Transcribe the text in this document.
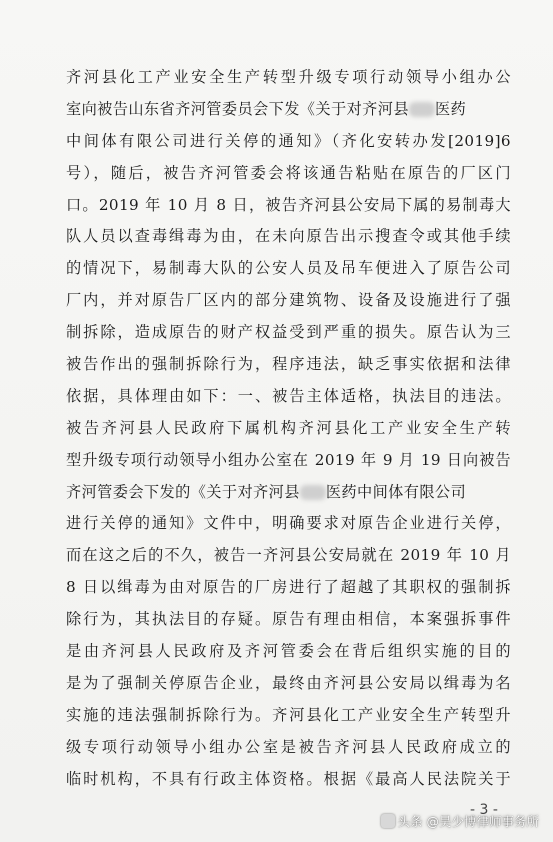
齐河县化工产业安全生产转型升级专项行动领导小组办公
室向被告山东省齐河管委员会下发《关于对齐河县 医药
中间体有限公司进行关停的通知》（齐化安转办发[2019]6
号），随后，被告齐河管委会将该通告粘贴在原告的厂区门
口。2019 年 10 月 8 日，被告齐河县公安局下属的易制毒大
队人员以查毒缉毒为由，在未向原告出示搜查令或其他手续
的情况下，易制毒大队的公安人员及吊车便进入了原告公司
厂内，并对原告厂区内的部分建筑物、设备及设施进行了强
制拆除，造成原告的财产权益受到严重的损失。原告认为三
被告作出的强制拆除行为，程序违法，缺乏事实依据和法律
依据，具体理由如下：一、被告主体适格，执法目的违法。
被告齐河县人民政府下属机构齐河县化工产业安全生产转
型升级专项行动领导小组办公室在 2019 年 9 月 19 日向被告
齐河管委会下发的《关于对齐河县 医药中间体有限公司
进行关停的通知》文件中，明确要求对原告企业进行关停，
而在这之后的不久，被告一齐河县公安局就在 2019 年 10 月
8 日以缉毒为由对原告的厂房进行了超越了其职权的强制拆
除行为，其执法目的存疑。原告有理由相信，本案强拆事件
是由齐河县人民政府及齐河管委会在背后组织实施的目的
是为了强制关停原告企业，最终由齐河县公安局以缉毒为名
实施的违法强制拆除行为。齐河县化工产业安全生产转型升
级专项行动领导小组办公室是被告齐河县人民政府成立的
临时机构，不具有行政主体资格。根据《最高人民法院关于
- 3 -
头条 @昊少博律师事务所
